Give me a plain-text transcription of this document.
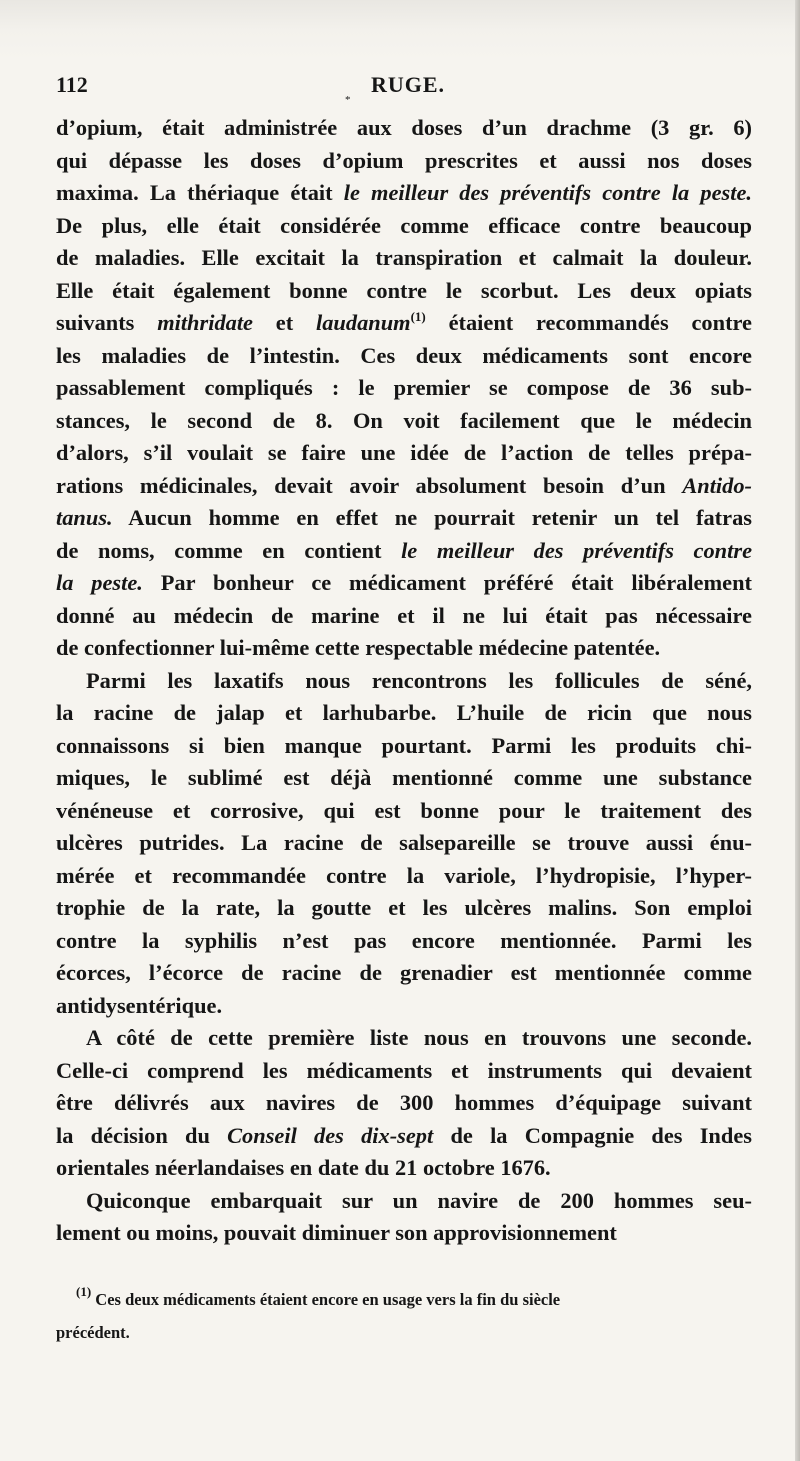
112	RUGE.
*
d’opium, était administrée aux doses d’un drachme (3 gr. 6)
qui dépasse les doses d’opium prescrites et aussi nos doses
maxima. La thériaque était le meilleur des préventifs contre la peste.
De plus, elle était considérée comme efficace contre beaucoup
de maladies. Elle excitait la transpiration et calmait la douleur.
Elle était également bonne contre le scorbut. Les deux opiats
suivants mithridate et laudanum$^{(1)}$ étaient recommandés contre
les maladies de l’intestin. Ces deux médicaments sont encore
passablement compliqués : le premier se compose de 36 sub-
stances, le second de 8. On voit facilement que le médecin
d’alors, s’il voulait se faire une idée de l’action de telles prépa-
rations médicinales, devait avoir absolument besoin d’un Antido-
tanus. Aucun homme en effet ne pourrait retenir un tel fatras
de noms, comme en contient le meilleur des préventifs contre
la peste. Par bonheur ce médicament préféré était libéralement
donné au médecin de marine et il ne lui était pas nécessaire
de confectionner lui-même cette respectable médecine patentée.
Parmi les laxatifs nous rencontrons les follicules de séné,
la racine de jalap et larhubarbe. L’huile de ricin que nous
connaissons si bien manque pourtant. Parmi les produits chi-
miques, le sublimé est déjà mentionné comme une substance
vénéneuse et corrosive, qui est bonne pour le traitement des
ulcères putrides. La racine de salsepareille se trouve aussi énu-
mérée et recommandée contre la variole, l’hydropisie, l’hyper-
trophie de la rate, la goutte et les ulcères malins. Son emploi
contre la syphilis n’est pas encore mentionnée. Parmi les
écorces, l’écorce de racine de grenadier est mentionnée comme
antidysentérique.
A côté de cette première liste nous en trouvons une seconde.
Celle-ci comprend les médicaments et instruments qui devaient
être délivrés aux navires de 300 hommes d’équipage suivant
la décision du Conseil des dix-sept de la Compagnie des Indes
orientales néerlandaises en date du 21 octobre 1676.
Quiconque embarquait sur un navire de 200 hommes seu-
lement ou moins, pouvait diminuer son approvisionnement
$^{(1)}$ Ces deux médicaments étaient encore en usage vers la fin du siècle
précédent.
